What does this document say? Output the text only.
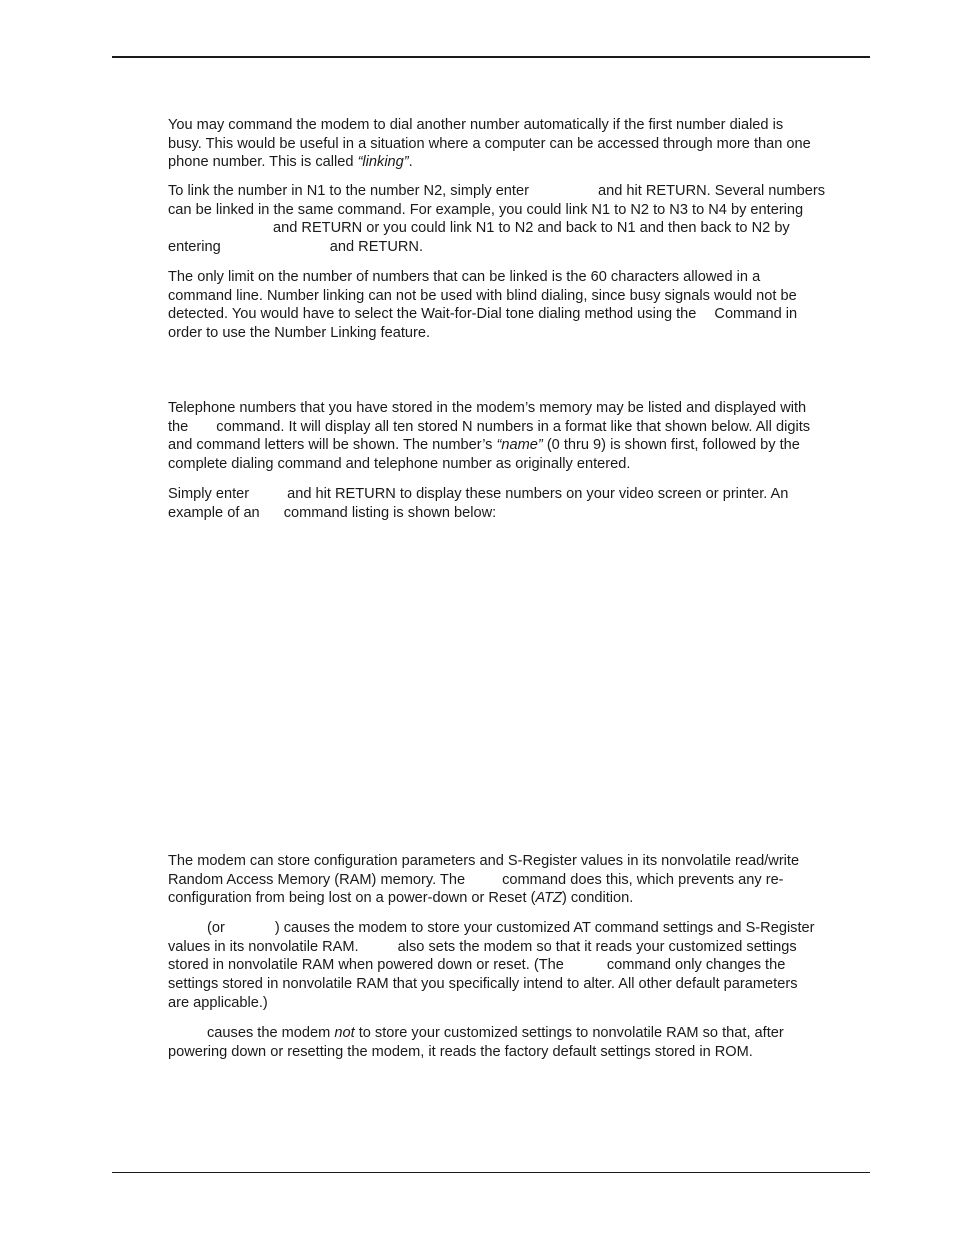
You may command the modem to dial another number automatically if the first number dialed is
busy. This would be useful in a situation where a computer can be accessed through more than one
phone number. This is called “linking”.

To link the number in N1 to the number N2, simply enter	and hit RETURN. Several numbers
can be linked in the same command. For example, you could link N1 to N2 to N3 to N4 by entering
and RETURN or you could link N1 to N2 and back to N1 and then back to N2 by
entering	and RETURN.

The only limit on the number of numbers that can be linked is the 60 characters allowed in a
command line. Number linking can not be used with blind dialing, since busy signals would not be
detected. You would have to select the Wait-for-Dial tone dialing method using the Command in
order to use the Number Linking feature.

Telephone numbers that you have stored in the modem’s memory may be listed and displayed with
the command. It will display all ten stored N numbers in a format like that shown below. All digits
and command letters will be shown. The number’s “name” (0 thru 9) is shown first, followed by the
complete dialing command and telephone number as originally entered.

Simply enter	and hit RETURN to display these numbers on your video screen or printer. An
example of an command listing is shown below:

The modem can store configuration parameters and S-Register values in its nonvolatile read/write
Random Access Memory (RAM) memory. The	command does this, which prevents any re-
configuration from being lost on a power-down or Reset (ATZ) condition.

(or	) causes the modem to store your customized AT command settings and S-Register
values in its nonvolatile RAM.	also sets the modem so that it reads your customized settings
stored in nonvolatile RAM when powered down or reset. (The	command only changes the
settings stored in nonvolatile RAM that you specifically intend to alter. All other default parameters
are applicable.)

causes the modem not to store your customized settings to nonvolatile RAM so that, after
powering down or resetting the modem, it reads the factory default settings stored in ROM.
